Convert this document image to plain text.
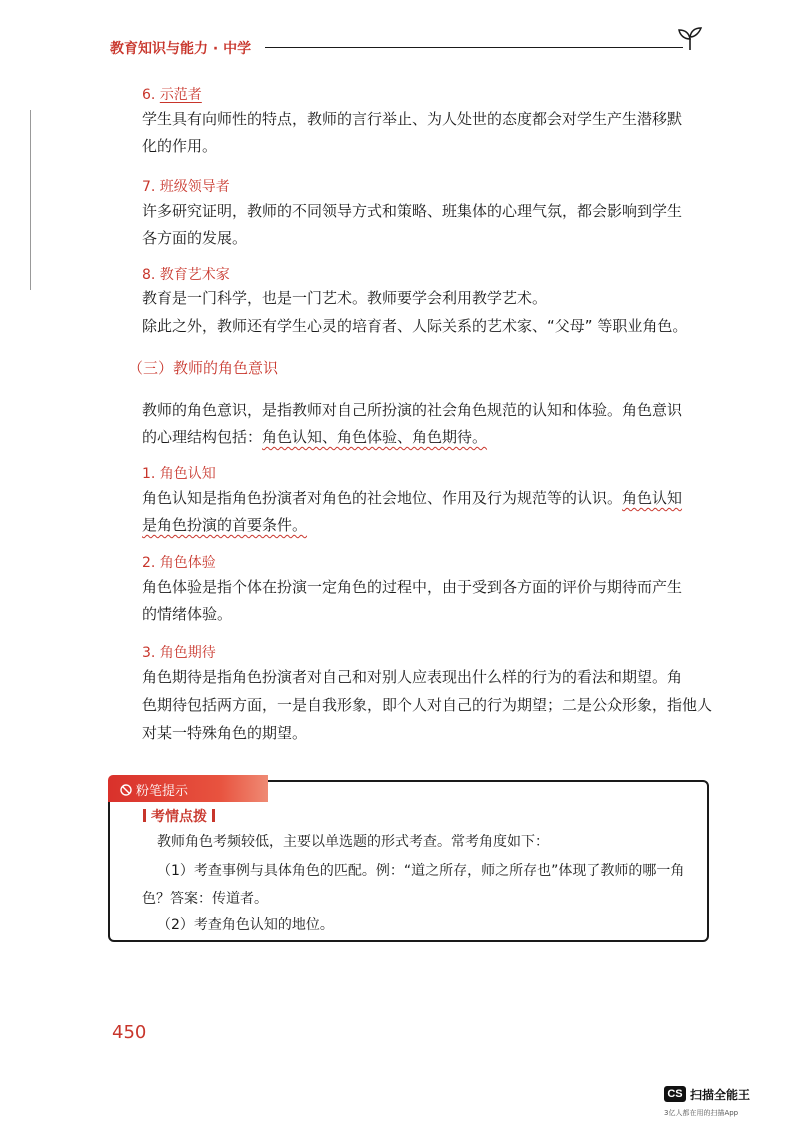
教育知识与能力 · 中学
6. 示范者
学生具有向师性的特点，教师的言行举止、为人处世的态度都会对学生产生潜移默
化的作用。
7. 班级领导者
许多研究证明，教师的不同领导方式和策略、班集体的心理气氛，都会影响到学生
各方面的发展。
8. 教育艺术家
教育是一门科学，也是一门艺术。教师要学会利用教学艺术。
除此之外，教师还有学生心灵的培育者、人际关系的艺术家、“父母” 等职业角色。
（三）教师的角色意识
教师的角色意识，是指教师对自己所扮演的社会角色规范的认知和体验。角色意识
的心理结构包括：角色认知、角色体验、角色期待。
1. 角色认知
角色认知是指角色扮演者对角色的社会地位、作用及行为规范等的认识。角色认知
是角色扮演的首要条件。
2. 角色体验
角色体验是指个体在扮演一定角色的过程中，由于受到各方面的评价与期待而产生
的情绪体验。
3. 角色期待
角色期待是指角色扮演者对自己和对别人应表现出什么样的行为的看法和期望。角
色期待包括两方面，一是自我形象，即个人对自己的行为期望；二是公众形象，指他人
对某一特殊角色的期望。
粉笔提示
考情点拨
教师角色考频较低，主要以单选题的形式考查。常考角度如下：
（1）考查事例与具体角色的匹配。例：“道之所存，师之所存也”体现了教师的哪一角
色？答案：传道者。
（2）考查角色认知的地位。
450
CS 扫描全能王
3亿人都在用的扫描App
